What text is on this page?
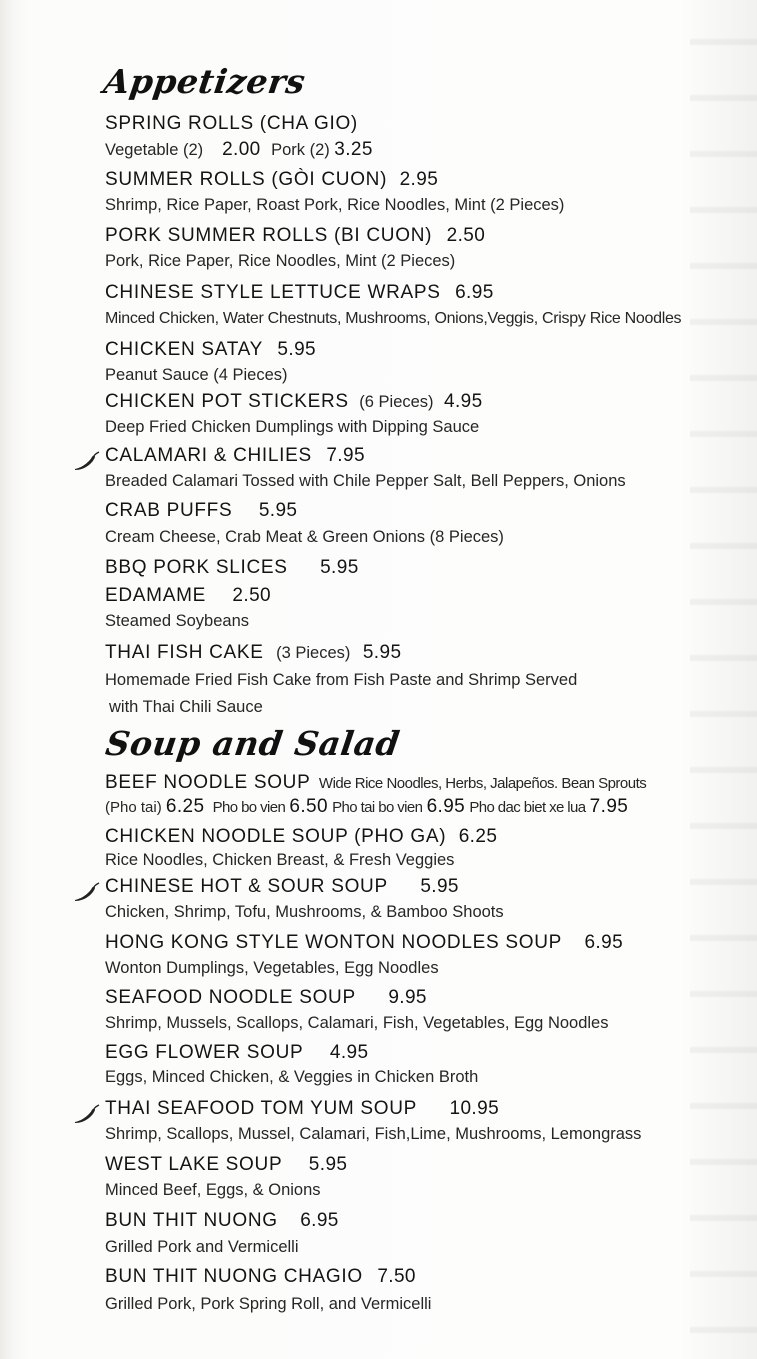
Appetizers
SPRING ROLLS (CHA GIO)
Vegetable (2) 2.00 Pork (2) 3.25
SUMMER ROLLS (GÒI CUON) 2.95
Shrimp, Rice Paper, Roast Pork, Rice Noodles, Mint (2 Pieces)
PORK SUMMER ROLLS (BI CUON) 2.50
Pork, Rice Paper, Rice Noodles, Mint (2 Pieces)
CHINESE STYLE LETTUCE WRAPS 6.95
Minced Chicken, Water Chestnuts, Mushrooms, Onions,Veggis, Crispy Rice Noodles
CHICKEN SATAY 5.95
Peanut Sauce (4 Pieces)
CHICKEN POT STICKERS (6 Pieces) 4.95
Deep Fried Chicken Dumplings with Dipping Sauce
CALAMARI & CHILIES 7.95
Breaded Calamari Tossed with Chile Pepper Salt, Bell Peppers, Onions
CRAB PUFFS 5.95
Cream Cheese, Crab Meat & Green Onions (8 Pieces)
BBQ PORK SLICES 5.95
EDAMAME 2.50
Steamed Soybeans
THAI FISH CAKE (3 Pieces) 5.95
Homemade Fried Fish Cake from Fish Paste and Shrimp Served
with Thai Chili Sauce
Soup and Salad
BEEF NOODLE SOUP Wide Rice Noodles, Herbs, Jalapeños. Bean Sprouts
(Pho tai) 6.25 Pho bo vien 6.50 Pho tai bo vien 6.95 Pho dac biet xe lua 7.95
CHICKEN NOODLE SOUP (PHO GA) 6.25
Rice Noodles, Chicken Breast, & Fresh Veggies
CHINESE HOT & SOUR SOUP 5.95
Chicken, Shrimp, Tofu, Mushrooms, & Bamboo Shoots
HONG KONG STYLE WONTON NOODLES SOUP 6.95
Wonton Dumplings, Vegetables, Egg Noodles
SEAFOOD NOODLE SOUP 9.95
Shrimp, Mussels, Scallops, Calamari, Fish, Vegetables, Egg Noodles
EGG FLOWER SOUP 4.95
Eggs, Minced Chicken, & Veggies in Chicken Broth
THAI SEAFOOD TOM YUM SOUP 10.95
Shrimp, Scallops, Mussel, Calamari, Fish,Lime, Mushrooms, Lemongrass
WEST LAKE SOUP 5.95
Minced Beef, Eggs, & Onions
BUN THIT NUONG 6.95
Grilled Pork and Vermicelli
BUN THIT NUONG CHAGIO 7.50
Grilled Pork, Pork Spring Roll, and Vermicelli
